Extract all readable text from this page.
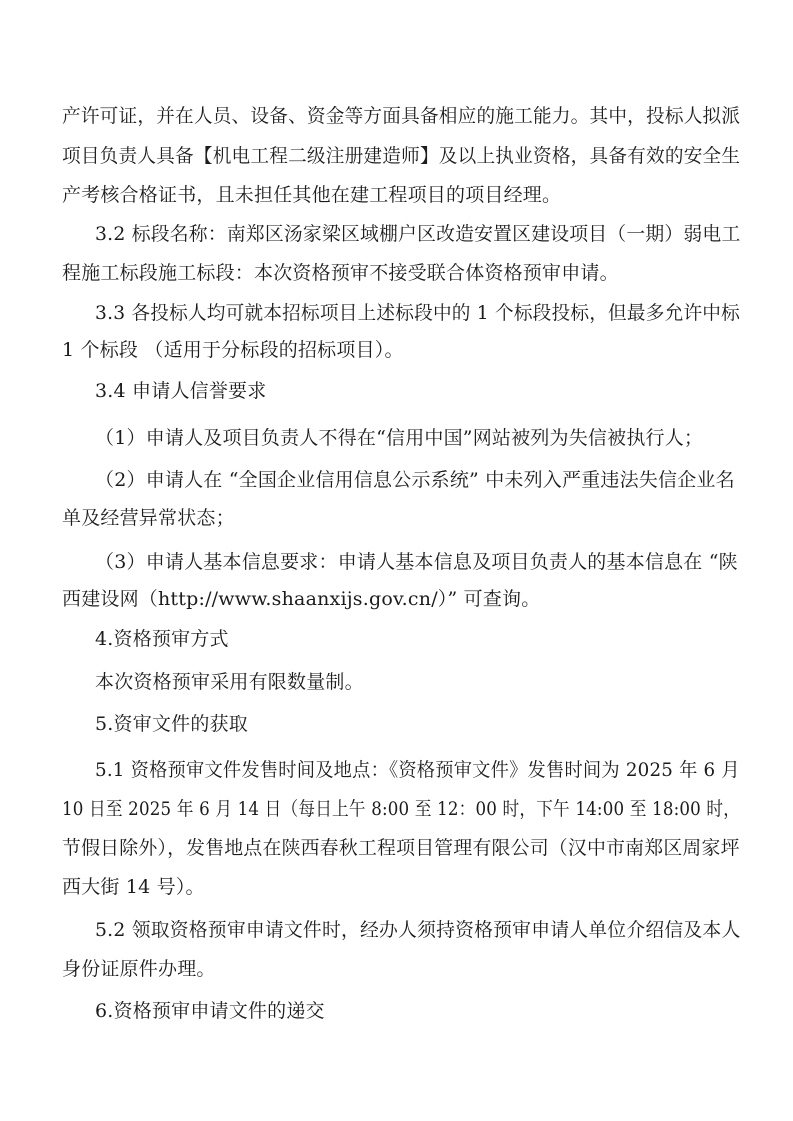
产许可证，并在人员、设备、资金等方面具备相应的施工能力。其中，投标人拟派
项目负责人具备【机电工程二级注册建造师】及以上执业资格，具备有效的安全生
产考核合格证书，且未担任其他在建工程项目的项目经理。
3.2 标段名称：南郑区汤家梁区域棚户区改造安置区建设项目（一期）弱电工
程施工标段施工标段：本次资格预审不接受联合体资格预审申请。
3.3 各投标人均可就本招标项目上述标段中的 1 个标段投标，但最多允许中标
1 个标段 （适用于分标段的招标项目）。
3.4 申请人信誉要求
（1）申请人及项目负责人不得在“信用中国”网站被列为失信被执行人；
（2）申请人在 “全国企业信用信息公示系统” 中未列入严重违法失信企业名
单及经营异常状态；
（3）申请人基本信息要求：申请人基本信息及项目负责人的基本信息在 “陕
西建设网（http://www.shaanxijs.gov.cn/）” 可查询。
4.资格预审方式
本次资格预审采用有限数量制。
5.资审文件的获取
5.1 资格预审文件发售时间及地点：《资格预审文件》发售时间为 2025 年 6 月
10 日至 2025 年 6 月 14 日（每日上午 8:00 至 12：00 时，下午 14:00 至 18:00 时，
节假日除外），发售地点在陕西春秋工程项目管理有限公司（汉中市南郑区周家坪
西大街 14 号）。
5.2 领取资格预审申请文件时，经办人须持资格预审申请人单位介绍信及本人
身份证原件办理。
6.资格预审申请文件的递交
